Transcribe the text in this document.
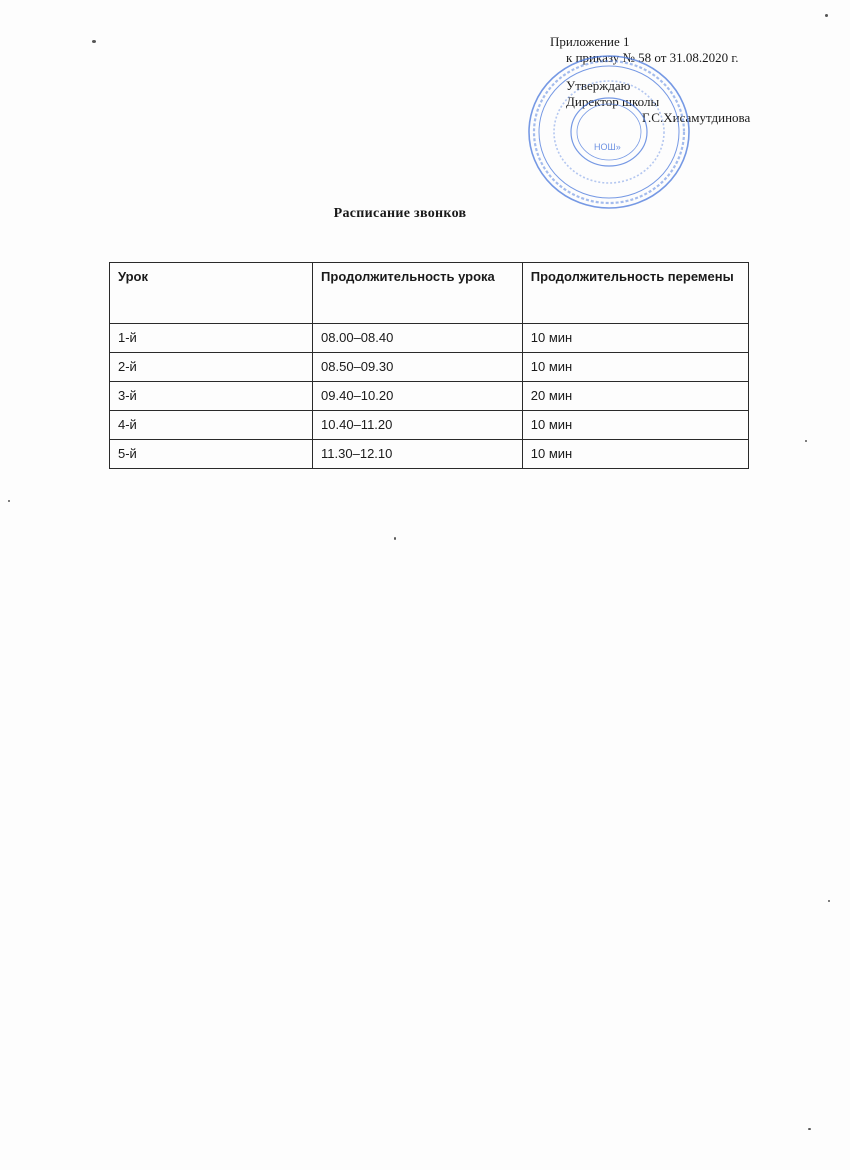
Приложение 1
к приказу № 58 от 31.08.2020 г.
Утверждаю
Директор школы
Г.С.Хисамутдинова
НОШ»
Расписание звонков
Урок	Продолжительность урока	Продолжительность перемены
1-й	08.00–08.40	10 мин
2-й	08.50–09.30	10 мин
3-й	09.40–10.20	20 мин
4-й	10.40–11.20	10 мин
5-й	11.30–12.10	10 мин
